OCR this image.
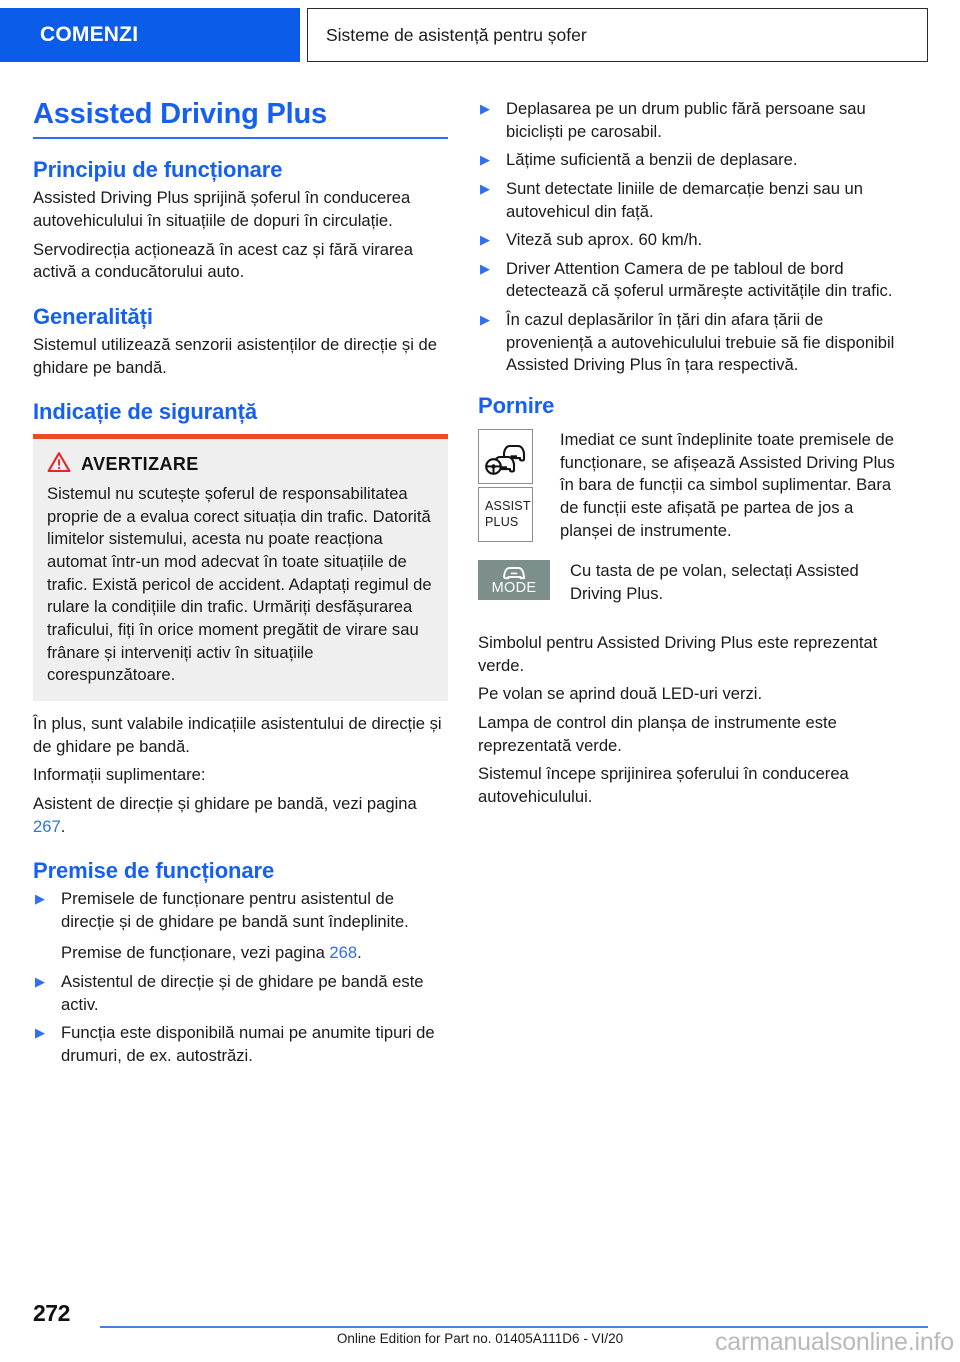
COMENZI	Sisteme de asistență pentru șofer
Assisted Driving Plus
Principiu de funcționare

Assisted Driving Plus sprijină șoferul în conducerea autovehiculului în situațiile de dopuri în circulație.

Servodirecția acționează în acest caz și fără virarea activă a conducătorului auto.

Generalități

Sistemul utilizează senzorii asistenților de direcție și de ghidare pe bandă.

Indicație de siguranță
AVERTIZARE

Sistemul nu scutește șoferul de responsabilitatea proprie de a evalua corect situația din trafic. Datorită limitelor sistemului, acesta nu poate reacționa automat într-un mod adecvat în toate situațiile de trafic. Există pericol de accident. Adaptați regimul de rulare la condițiile din trafic. Urmăriți desfășurarea traficului, fiți în orice moment pregătit de virare sau frânare și interveniți activ în situațiile corespunzătoare.

În plus, sunt valabile indicațiile asistentului de direcție și de ghidare pe bandă.

Informații suplimentare:

Asistent de direcție și ghidare pe bandă, vezi pagina 267.

Premise de funcționare
▶ Premisele de funcționare pentru asistentul de direcție și de ghidare pe bandă sunt îndeplinite.
Premise de funcționare, vezi pagina 268.
▶ Asistentul de direcție și de ghidare pe bandă este activ.
▶ Funcția este disponibilă numai pe anumite tipuri de drumuri, de ex. autostrăzi.
▶ Deplasarea pe un drum public fără persoane sau bicicliști pe carosabil.
▶ Lățime suficientă a benzii de deplasare.
▶ Sunt detectate liniile de demarcație benzi sau un autovehicul din față.
▶ Viteză sub aprox. 60 km/h.
▶ Driver Attention Camera de pe tabloul de bord detectează că șoferul urmărește activitățile din trafic.
▶ În cazul deplasărilor în țări din afara țării de proveniență a autovehiculului trebuie să fie disponibil Assisted Driving Plus în țara respectivă.
Pornire
ASSIST
PLUS
Imediat ce sunt îndeplinite toate premisele de funcționare, se afișează Assisted Driving Plus în bara de funcții ca simbol suplimentar. Bara de funcții este afișată pe partea de jos a planșei de instrumente.
MODE
Cu tasta de pe volan, selectați Assisted Driving Plus.

Simbolul pentru Assisted Driving Plus este reprezentat verde.

Pe volan se aprind două LED-uri verzi.

Lampa de control din planșa de instrumente este reprezentată verde.

Sistemul începe sprijinirea șoferului în conducerea autovehiculului.

272
Online Edition for Part no. 01405A111D6 - VI/20	carmanualsonline.info
